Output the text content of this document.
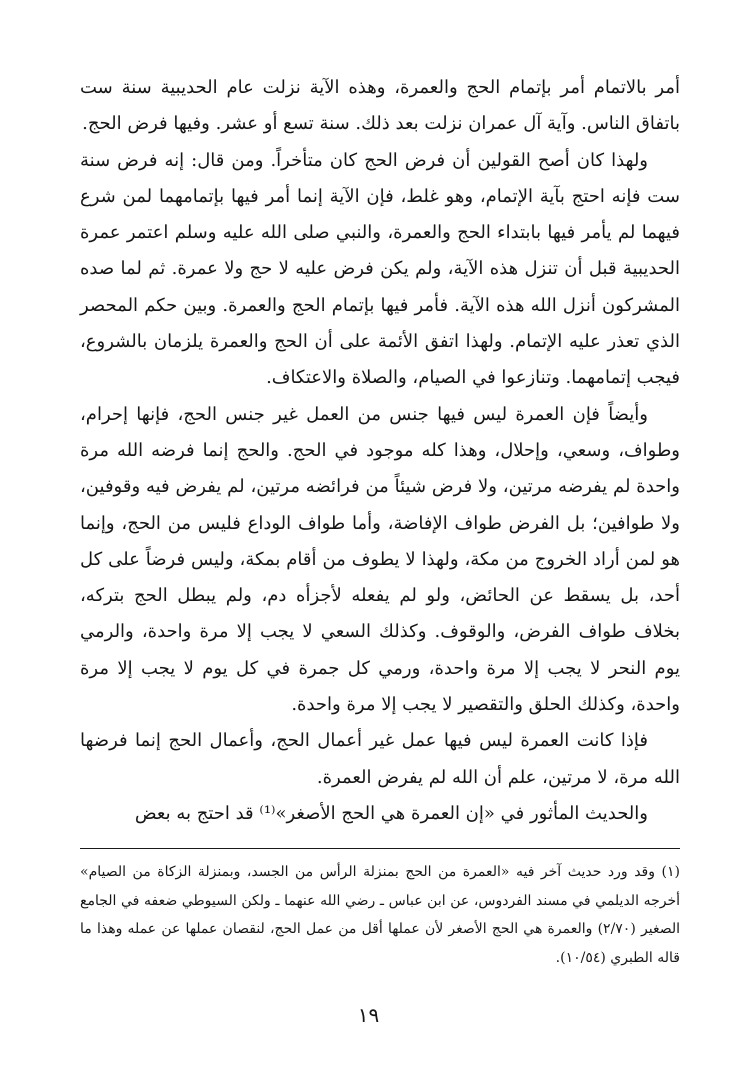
أمر بالاتمام أمر بإتمام الحج والعمرة، وهذه الآية نزلت عام الحديبية سنة ست باتفاق الناس. وآية آل عمران نزلت بعد ذلك. سنة تسع أو عشر. وفيها فرض الحج.

ولهذا كان أصح القولين أن فرض الحج كان متأخراً. ومن قال: إنه فرض سنة ست فإنه احتج بآية الإتمام، وهو غلط، فإن الآية إنما أمر فيها بإتمامهما لمن شرع فيهما لم يأمر فيها بابتداء الحج والعمرة، والنبي صلى الله عليه وسلم اعتمر عمرة الحديبية قبل أن تنزل هذه الآية، ولم يكن فرض عليه لا حج ولا عمرة. ثم لما صده المشركون أنزل الله هذه الآية. فأمر فيها بإتمام الحج والعمرة. وبين حكم المحصر الذي تعذر عليه الإتمام. ولهذا اتفق الأئمة على أن الحج والعمرة يلزمان بالشروع، فيجب إتمامهما. وتنازعوا في الصيام، والصلاة والاعتكاف.

وأيضاً فإن العمرة ليس فيها جنس من العمل غير جنس الحج، فإنها إحرام، وطواف، وسعي، وإحلال، وهذا كله موجود في الحج. والحج إنما فرضه الله مرة واحدة لم يفرضه مرتين، ولا فرض شيئاً من فرائضه مرتين، لم يفرض فيه وقوفين، ولا طوافين؛ بل الفرض طواف الإفاضة، وأما طواف الوداع فليس من الحج، وإنما هو لمن أراد الخروج من مكة، ولهذا لا يطوف من أقام بمكة، وليس فرضاً على كل أحد، بل يسقط عن الحائض، ولو لم يفعله لأجزأه دم، ولم يبطل الحج بتركه، بخلاف طواف الفرض، والوقوف. وكذلك السعي لا يجب إلا مرة واحدة، والرمي يوم النحر لا يجب إلا مرة واحدة، ورمي كل جمرة في كل يوم لا يجب إلا مرة واحدة، وكذلك الحلق والتقصير لا يجب إلا مرة واحدة.

فإذا كانت العمرة ليس فيها عمل غير أعمال الحج، وأعمال الحج إنما فرضها الله مرة، لا مرتين، علم أن الله لم يفرض العمرة.

والحديث المأثور في «إن العمرة هي الحج الأصغر»⁽¹⁾ قد احتج به بعض

(١) وقد ورد حديث آخر فيه «العمرة من الحج بمنزلة الرأس من الجسد، وبمنزلة الزكاة من الصيام» أخرجه الديلمي في مسند الفردوس، عن ابن عباس ـ رضي الله عنهما ـ ولكن السيوطي ضعفه في الجامع الصغير (٢/٧٠) والعمرة هي الحج الأصغر لأن عملها أقل من عمل الحج، لنقصان عملها عن عمله وهذا ما قاله الطبري (١٠/٥٤).

١٩
